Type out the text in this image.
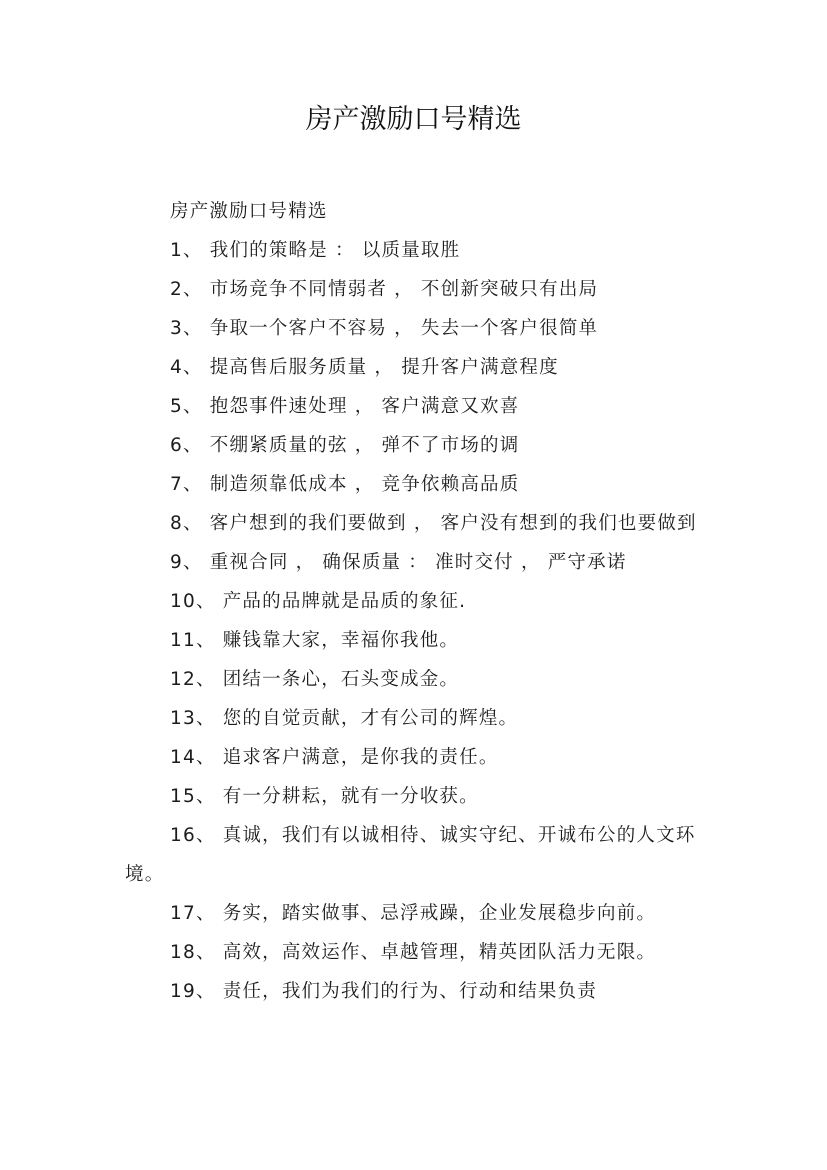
房产激励口号精选

房产激励口号精选

1、 我们的策略是 ： 以质量取胜

2、 市场竞争不同情弱者 ， 不创新突破只有出局

3、 争取一个客户不容易 ， 失去一个客户很简单

4、 提高售后服务质量 ， 提升客户满意程度

5、 抱怨事件速处理 ， 客户满意又欢喜

6、 不绷紧质量的弦 ， 弹不了市场的调

7、 制造须靠低成本 ， 竞争依赖高品质

8、 客户想到的我们要做到 ， 客户没有想到的我们也要做到

9、 重视合同 ， 确保质量 ： 准时交付 ， 严守承诺

10、 产品的品牌就是品质的象征.

11、 赚钱靠大家，幸福你我他。

12、 团结一条心，石头变成金。

13、 您的自觉贡献，才有公司的辉煌。

14、 追求客户满意，是你我的责任。

15、 有一分耕耘，就有一分收获。

16、 真诚，我们有以诚相待、诚实守纪、开诚布公的人文环境。

17、 务实，踏实做事、忌浮戒躁，企业发展稳步向前。

18、 高效，高效运作、卓越管理，精英团队活力无限。

19、 责任，我们为我们的行为、行动和结果负责
